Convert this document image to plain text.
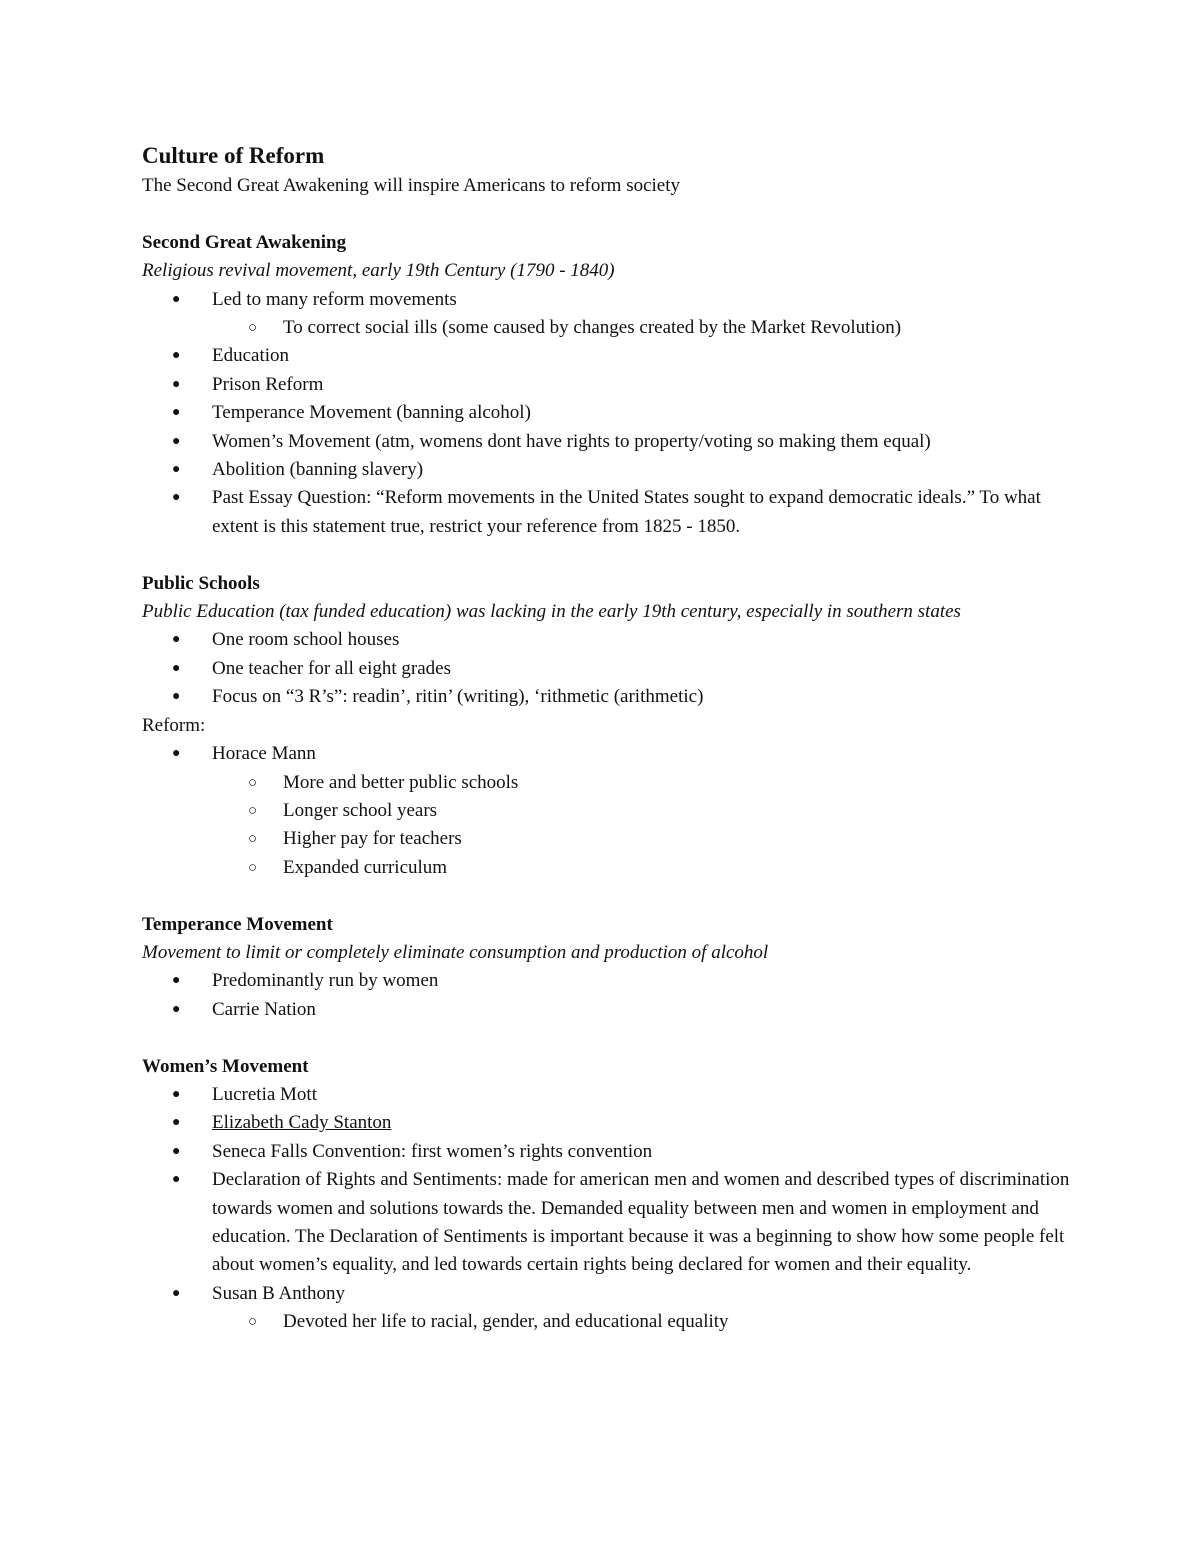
Culture of Reform

The Second Great Awakening will inspire Americans to reform society

Second Great Awakening

Religious revival movement, early 19th Century (1790 - 1840)

● Led to many reform movements
○ To correct social ills (some caused by changes created by the Market Revolution)
● Education
● Prison Reform
● Temperance Movement (banning alcohol)
● Women’s Movement (atm, womens dont have rights to property/voting so making them equal)
● Abolition (banning slavery)
● Past Essay Question: “Reform movements in the United States sought to expand democratic ideals.” To what extent is this statement true, restrict your reference from 1825 - 1850.

Public Schools

Public Education (tax funded education) was lacking in the early 19th century, especially in southern states

● One room school houses
● One teacher for all eight grades
● Focus on “3 R’s”: readin’, ritin’ (writing), ‘rithmetic (arithmetic)

Reform:

● Horace Mann
○ More and better public schools
○ Longer school years
○ Higher pay for teachers
○ Expanded curriculum

Temperance Movement

Movement to limit or completely eliminate consumption and production of alcohol

● Predominantly run by women
● Carrie Nation

Women’s Movement

● Lucretia Mott
● Elizabeth Cady Stanton
● Seneca Falls Convention: first women’s rights convention
● Declaration of Rights and Sentiments: made for american men and women and described types of discrimination towards women and solutions towards the. Demanded equality between men and women in employment and education. The Declaration of Sentiments is important because it was a beginning to show how some people felt about women’s equality, and led towards certain rights being declared for women and their equality.
● Susan B Anthony
○ Devoted her life to racial, gender, and educational equality
